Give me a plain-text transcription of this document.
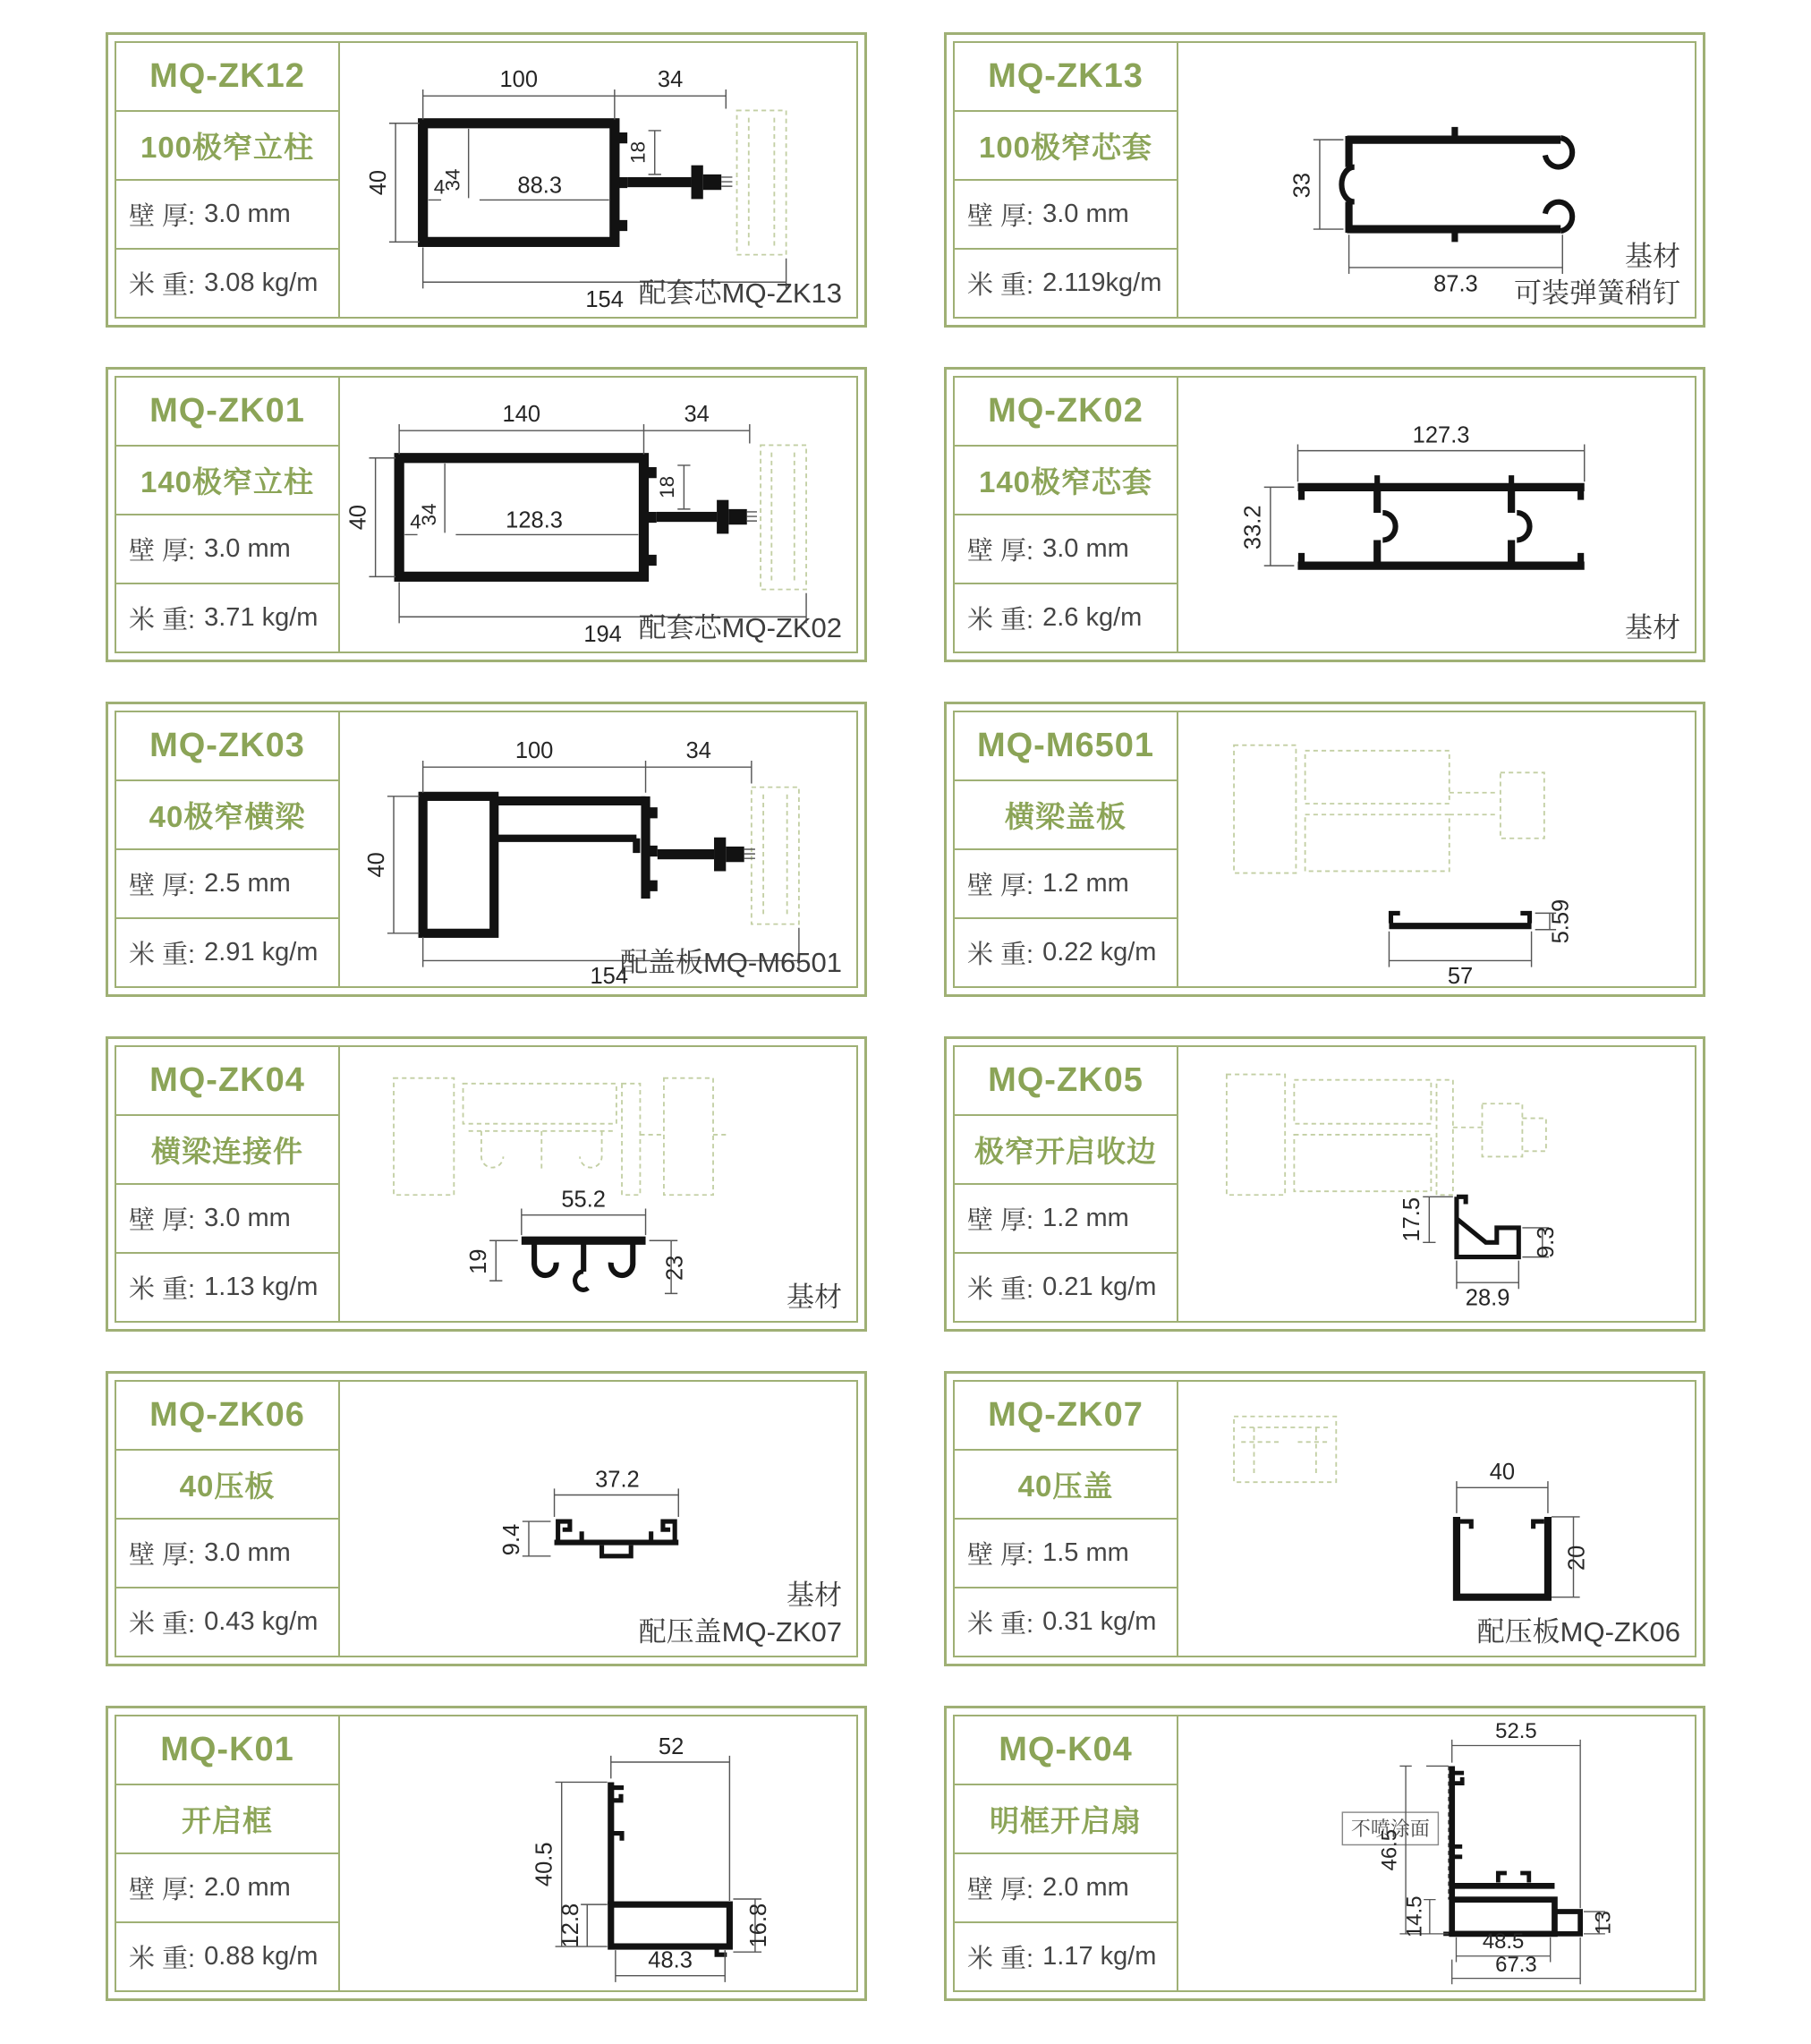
MQ-ZK12
100极窄立柱
壁 厚: 3.0 mm
米 重: 3.08 kg/m
100	34
40 4
34 88.3
18
154 配套芯MQ-ZK13
MQ-ZK13
100极窄芯套
壁 厚: 3.0 mm
米 重: 2.119kg/m
33
87.3
基材
可装弹簧稍钉
MQ-ZK01
140极窄立柱
壁 厚: 3.0 mm
米 重: 3.71 kg/m
140	34
40 4
34	128.3
18
194 配套芯MQ-ZK02
MQ-ZK02
140极窄芯套
壁 厚: 3.0 mm
米 重: 2.6 kg/m
127.3
33.2
基材
MQ-ZK03
40极窄横梁
壁 厚: 2.5 mm
米 重: 2.91 kg/m
100	34
40
154
配盖板MQ-M6501
MQ-M6501
横梁盖板
壁 厚: 1.2 mm
米 重: 0.22 kg/m
57
5.59
MQ-ZK04
横梁连接件
壁 厚: 3.0 mm
米 重: 1.13 kg/m
55.2
19	23
基材
MQ-ZK05
极窄开启收边
壁 厚: 1.2 mm
米 重: 0.21 kg/m
17.5
9.3
28.9
MQ-ZK06
40压板
壁 厚: 3.0 mm
米 重: 0.43 kg/m
37.2
9.4
基材
配压盖MQ-ZK07
MQ-ZK07
40压盖
壁 厚: 1.5 mm
米 重: 0.31 kg/m
40
20
配压板MQ-ZK06
MQ-K01
开启框
壁 厚: 2.0 mm
米 重: 0.88 kg/m
52
40.5
12.8	16.8
48.3
MQ-K04
明框开启扇
壁 厚: 2.0 mm
米 重: 1.17 kg/m
不喷涂面
52.5
46.5
14.5
48.5
67.3
13
